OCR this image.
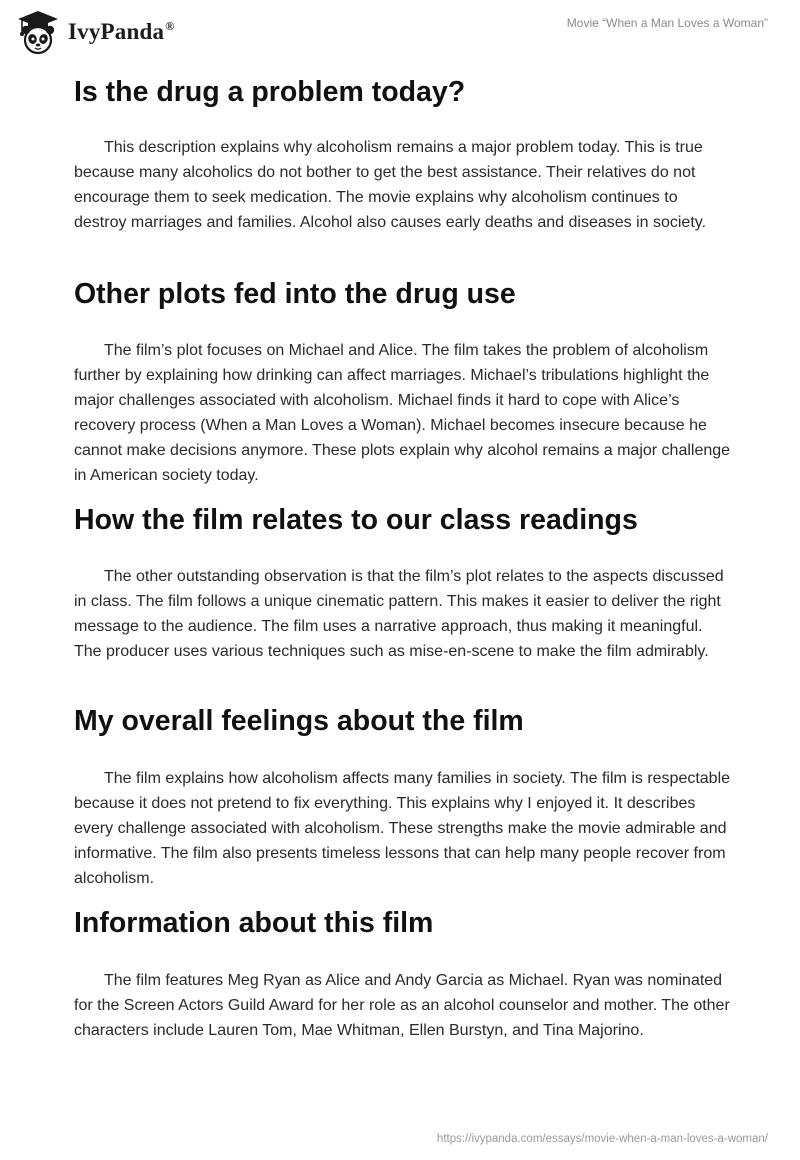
IvyPanda®	Movie “When a Man Loves a Woman”
Is the drug a problem today?

This description explains why alcoholism remains a major problem today. This is true because many alcoholics do not bother to get the best assistance. Their relatives do not encourage them to seek medication. The movie explains why alcoholism continues to destroy marriages and families. Alcohol also causes early deaths and diseases in society.

Other plots fed into the drug use

The film’s plot focuses on Michael and Alice. The film takes the problem of alcoholism further by explaining how drinking can affect marriages. Michael’s tribulations highlight the major challenges associated with alcoholism. Michael finds it hard to cope with Alice’s recovery process (When a Man Loves a Woman). Michael becomes insecure because he cannot make decisions anymore. These plots explain why alcohol remains a major challenge in American society today.

How the film relates to our class readings

The other outstanding observation is that the film’s plot relates to the aspects discussed in class. The film follows a unique cinematic pattern. This makes it easier to deliver the right message to the audience. The film uses a narrative approach, thus making it meaningful. The producer uses various techniques such as mise-en-scene to make the film admirably.

My overall feelings about the film

The film explains how alcoholism affects many families in society. The film is respectable because it does not pretend to fix everything. This explains why I enjoyed it. It describes every challenge associated with alcoholism. These strengths make the movie admirable and informative. The film also presents timeless lessons that can help many people recover from alcoholism.

Information about this film

The film features Meg Ryan as Alice and Andy Garcia as Michael. Ryan was nominated for the Screen Actors Guild Award for her role as an alcohol counselor and mother. The other characters include Lauren Tom, Mae Whitman, Ellen Burstyn, and Tina Majorino.

https://ivypanda.com/essays/movie-when-a-man-loves-a-woman/
